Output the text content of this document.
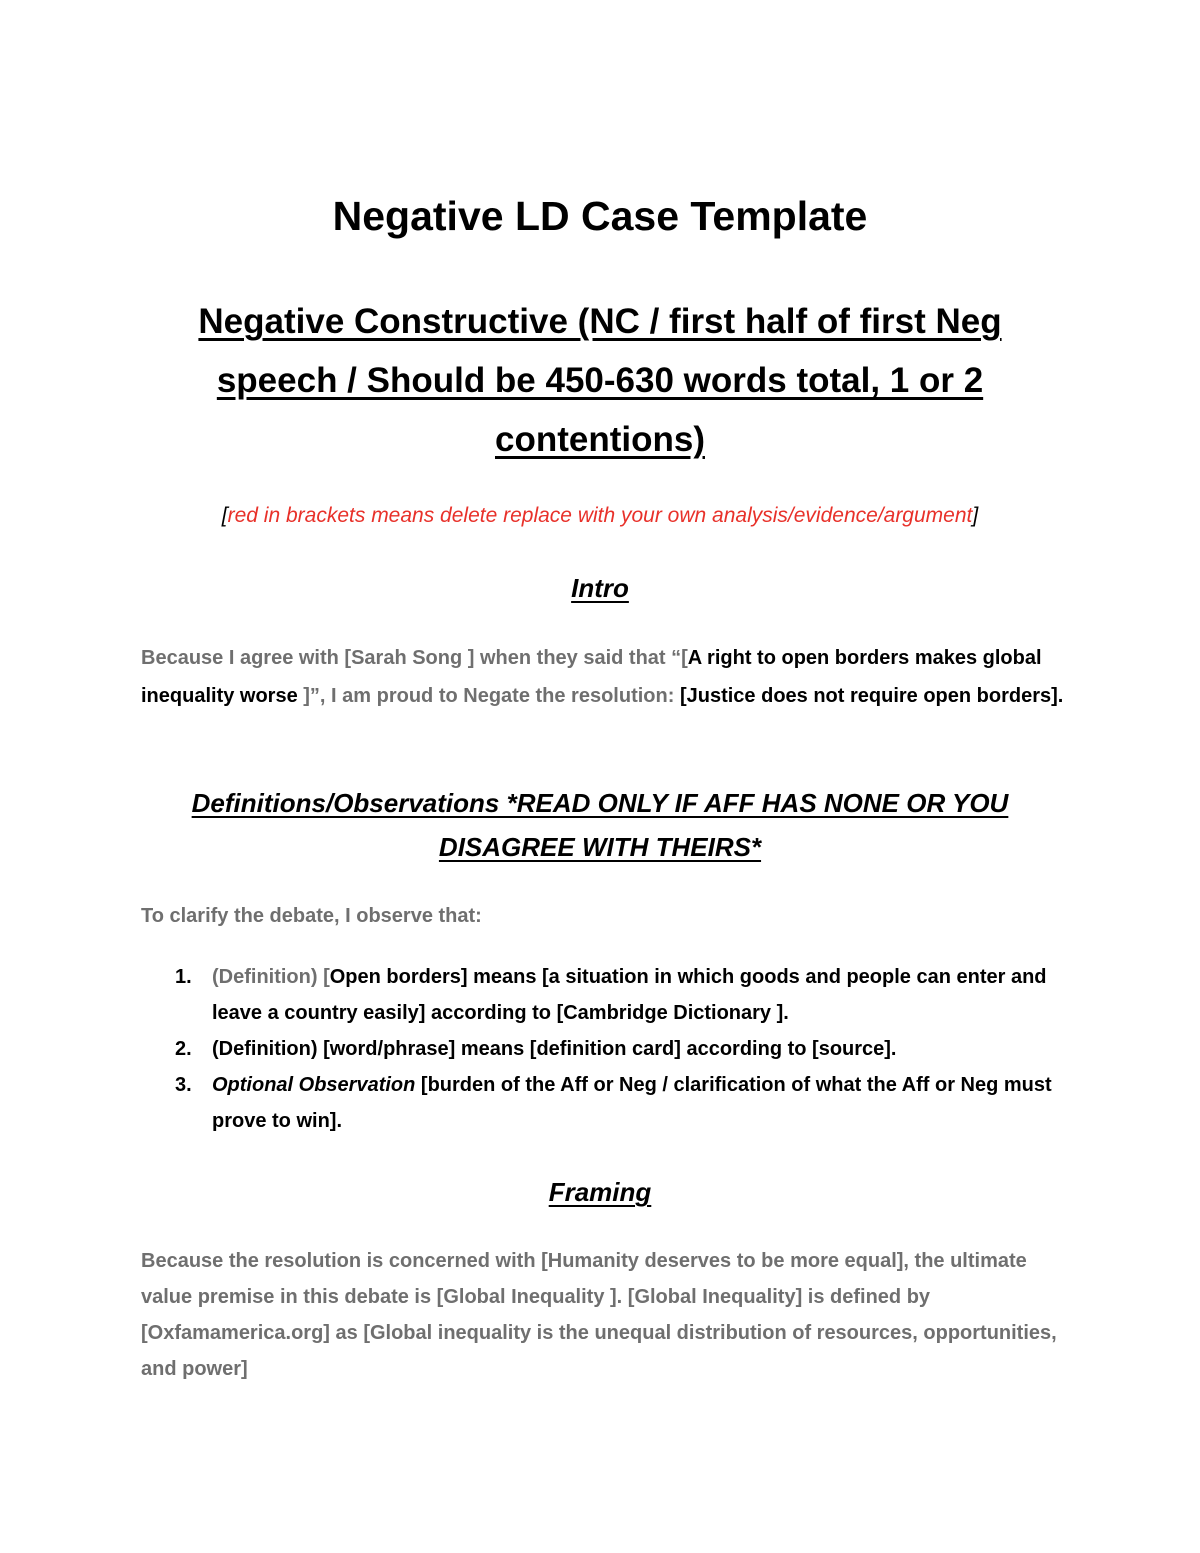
Negative LD Case Template
Negative Constructive (NC / first half of first Neg speech / Should be 450-630 words total, 1 or 2 contentions)

[red in brackets means delete replace with your own analysis/evidence/argument]

Intro

Because I agree with [Sarah Song ] when they said that “[A right to open borders makes global inequality worse ]”, I am proud to Negate the resolution: [Justice does not require open borders].

Definitions/Observations *READ ONLY IF AFF HAS NONE OR YOU DISAGREE WITH THEIRS*

To clarify the debate, I observe that:

1. (Definition) [Open borders] means [a situation in which goods and people can enter and leave a country easily] according to [Cambridge Dictionary ].
2. (Definition) [word/phrase] means [definition card] according to [source].
3. Optional Observation [burden of the Aff or Neg / clarification of what the Aff or Neg must prove to win].
Framing

Because the resolution is concerned with [Humanity deserves to be more equal], the ultimate value premise in this debate is [Global Inequality ]. [Global Inequality] is defined by [Oxfamamerica.org] as [Global inequality is the unequal distribution of resources, opportunities, and power]
